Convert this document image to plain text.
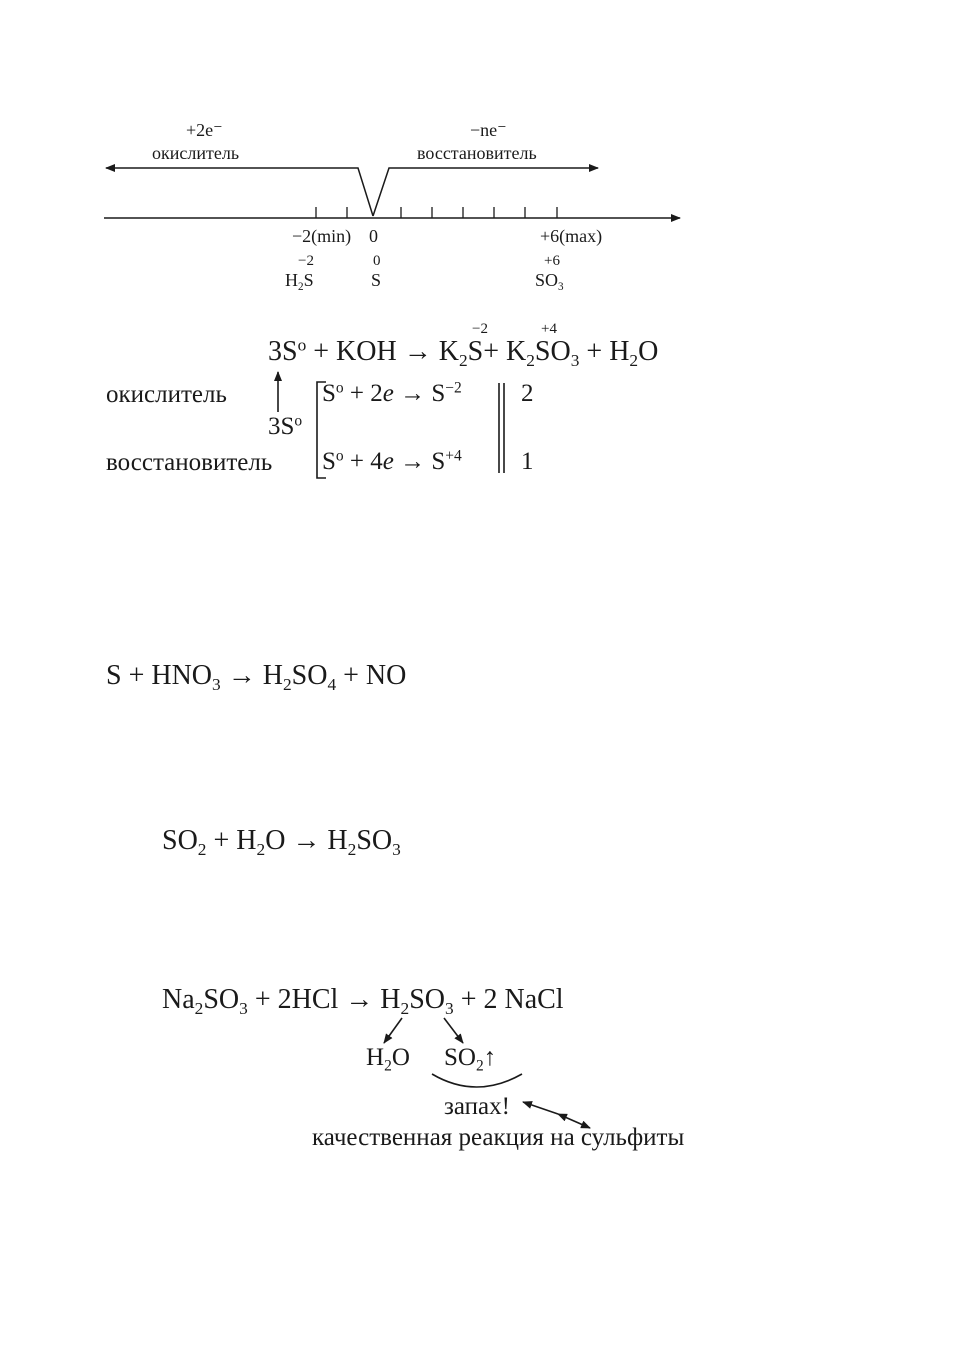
+2e⁻
окислитель
−ne⁻
восстановитель
−2(min) 0	+6(max)
−2
$H_2S$
0
S
+6
$SO_3$
−2	+4
$3S^o$ + KOH → $K_2S+ K_2SO_3 + H_2O$
окислитель
восстановитель
$3S^o$
$S^o + 2e \to S^{-2}$ 2
$S^o + 4e \to S^{+4}$ 1
$S + HNO_3 \to H_2SO_4$ + NO
$SO_2 + H_2O \to H_2SO_3$
$Na_2SO_3 + 2HCl \to H_2SO_3 + 2$ NaCl
$H_2O$ $SO_2↑$
запах!
качественная реакция на сульфиты
